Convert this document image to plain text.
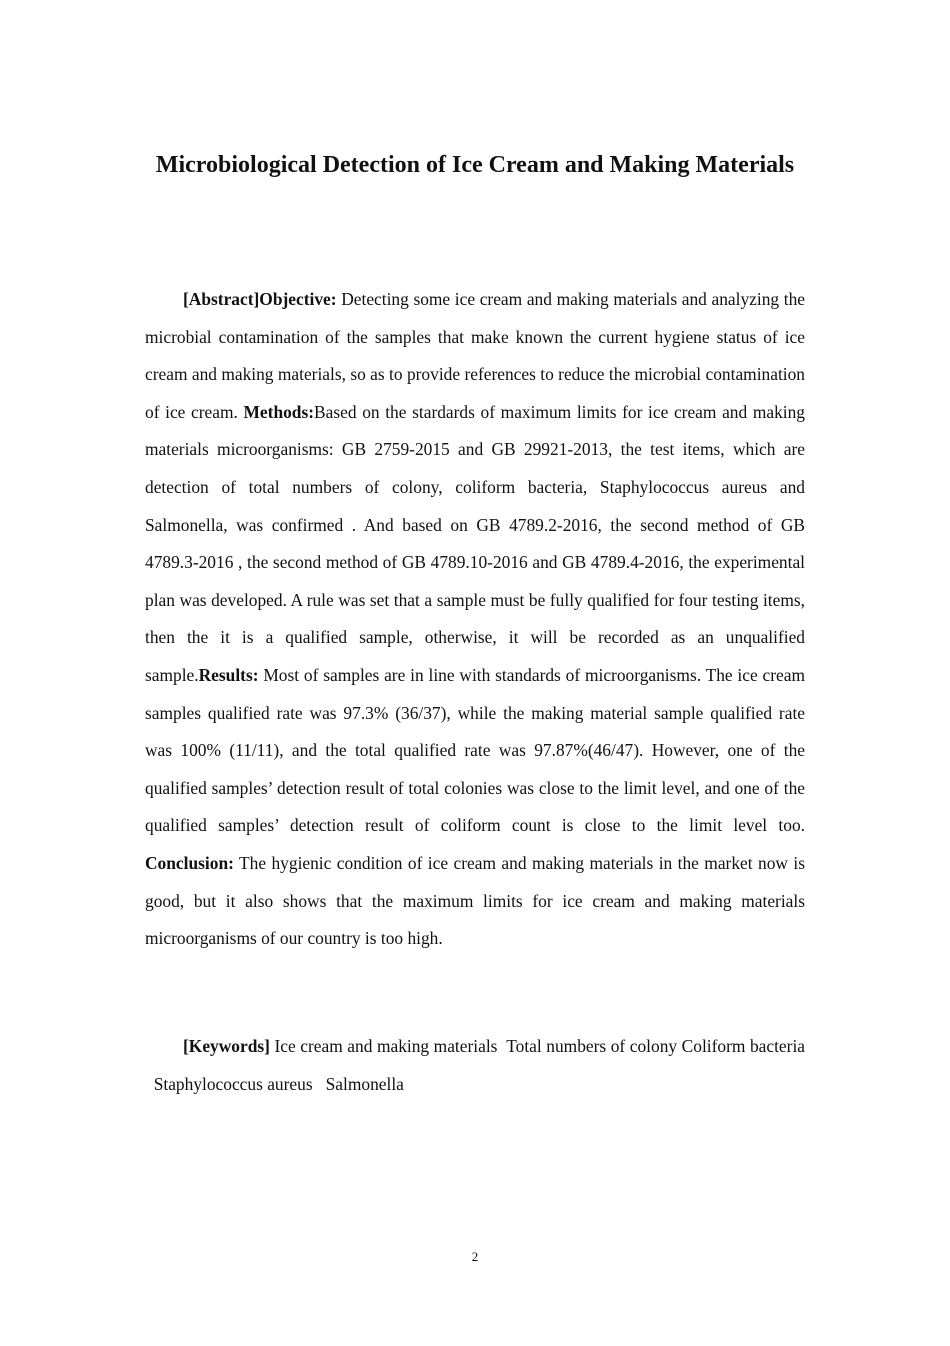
Microbiological Detection of Ice Cream and Making Materials

[Abstract]Objective: Detecting some ice cream and making materials and analyzing the microbial contamination of the samples that make known the current hygiene status of ice cream and making materials, so as to provide references to reduce the microbial contamination of ice cream. Methods:Based on the stardards of maximum limits for ice cream and making materials microorganisms: GB 2759-2015 and GB 29921-2013, the test items, which are detection of total numbers of colony, coliform bacteria, Staphylococcus aureus and Salmonella, was confirmed . And based on GB 4789.2-2016, the second method of GB 4789.3-2016 , the second method of GB 4789.10-2016 and GB 4789.4-2016, the experimental plan was developed. A rule was set that a sample must be fully qualified for four testing items, then the it is a qualified sample, otherwise, it will be recorded as an unqualified sample.Results: Most of samples are in line with standards of microorganisms. The ice cream samples qualified rate was 97.3% (36/37), while the making material sample qualified rate was 100% (11/11), and the total qualified rate was 97.87%(46/47). However, one of the qualified samples’ detection result of total colonies was close to the limit level, and one of the qualified samples’ detection result of coliform count is close to the limit level too. Conclusion: The hygienic condition of ice cream and making materials in the market now is good, but it also shows that the maximum limits for ice cream and making materials microorganisms of our country is too high.

[Keywords] Ice cream and making materials Total numbers of colony Coliform bacteria  Staphylococcus aureus Salmonella

2
